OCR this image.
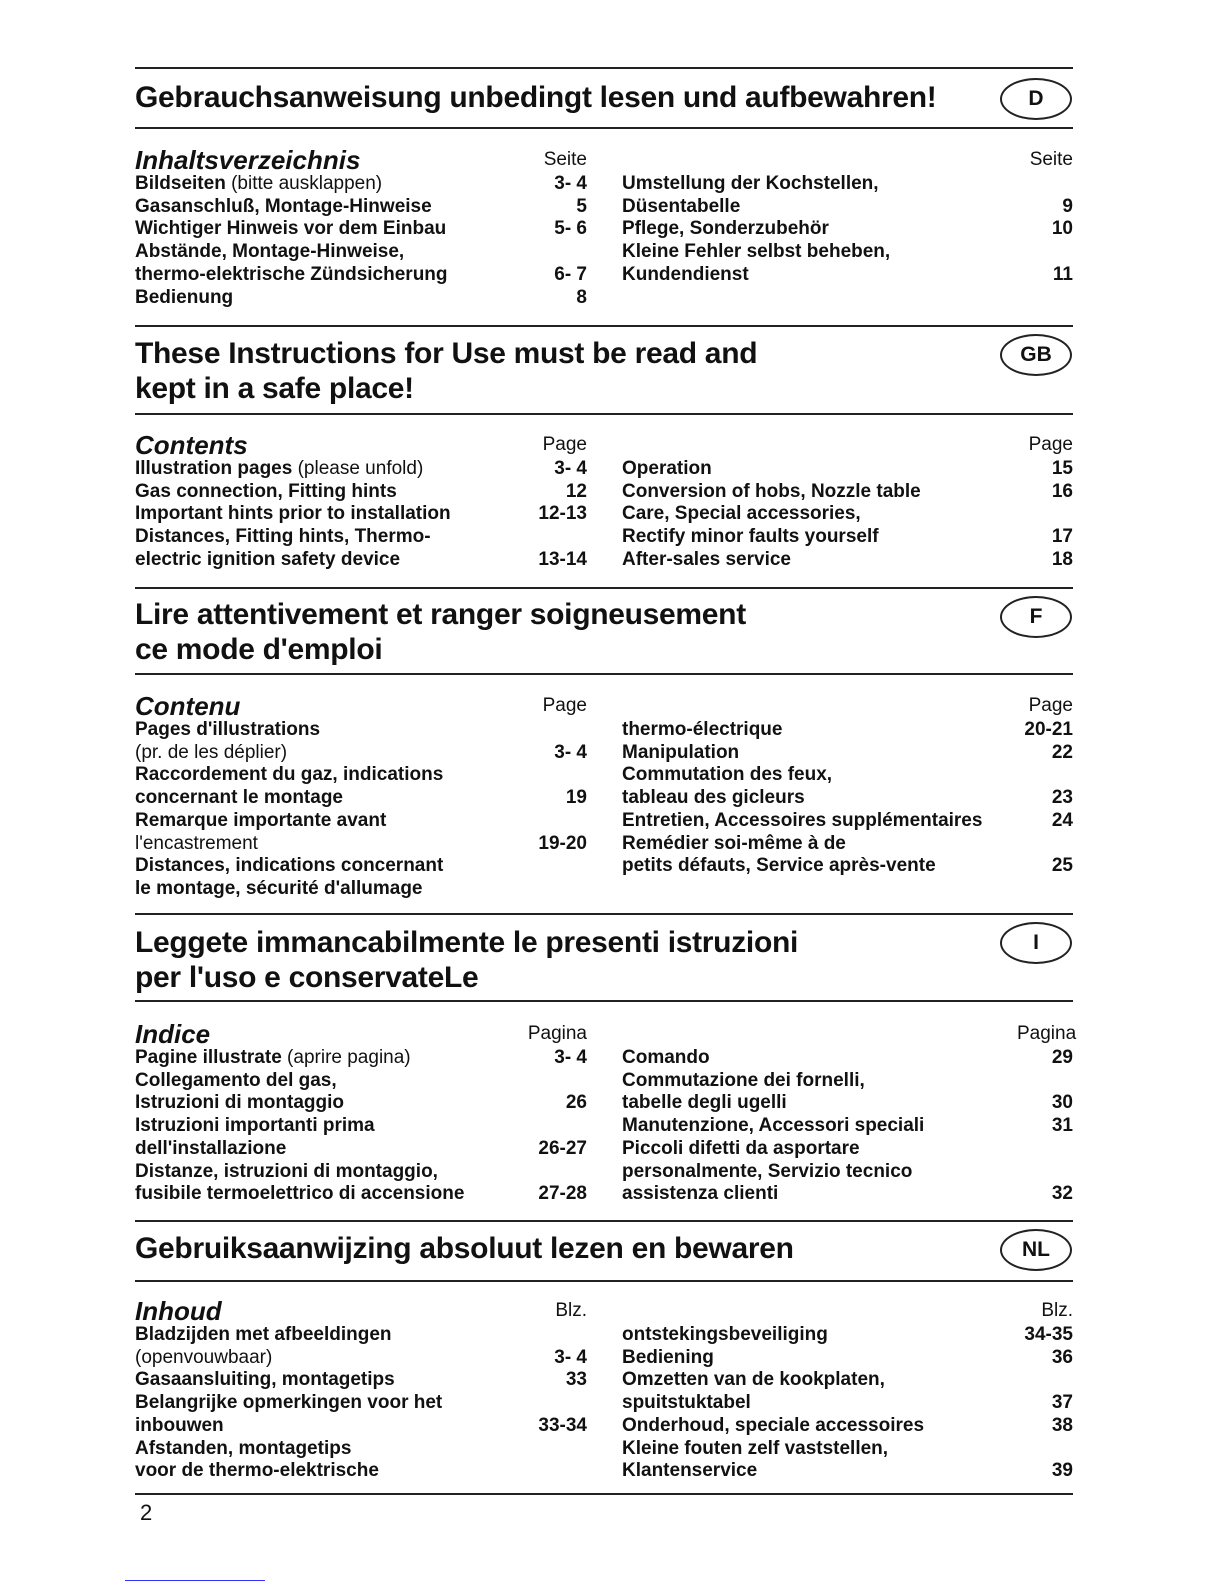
2
Gebrauchsanweisung unbedingt lesen und aufbewahren!	D
Inhaltsverzeichnis	Seite	Seite
Bildseiten (bitte ausklappen)	3- 4 Umstellung der Kochstellen,
Gasanschluß, Montage-Hinweise	5 Düsentabelle	9
Wichtiger Hinweis vor dem Einbau	5- 6 Pflege, Sonderzubehör	10
Abstände, Montage-Hinweise,	Kleine Fehler selbst beheben,
thermo-elektrische Zündsicherung	6- 7 Kundendienst	11
Bedienung	8
These Instructions for Use must be read and
kept in a safe place!
GB
Contents	Page	Page
Illustration pages (please unfold)	3- 4 Operation	15
Gas connection, Fitting hints	12 Conversion of hobs, Nozzle table	16
Important hints prior to installation	12-13 Care, Special accessories,
Distances, Fitting hints, Thermo-	Rectify minor faults yourself	17
electric ignition safety device	13-14 After-sales service	18
Lire attentivement et ranger soigneusement
ce mode d'emploi
F
Contenu	Page	Page
Pages d'illustrations	thermo-électrique	20-21
(pr. de les déplier)	3- 4 Manipulation	22
Raccordement du gaz, indications	Commutation des feux,
concernant le montage	19 tableau des gicleurs	23
Remarque importante avant	Entretien, Accessoires supplémentaires	24
l'encastrement	19-20 Remédier soi-même à de
Distances, indications concernant	petits défauts, Service après-vente	25
le montage, sécurité d'allumage
Leggete immancabilmente le presenti istruzioni
per l'uso e conservateLe
I
Indice	Pagina	Pagina
Pagine illustrate (aprire pagina)	3- 4 Comando	29
Collegamento del gas,	Commutazione dei fornelli,
Istruzioni di montaggio	26 tabelle degli ugelli	30
Istruzioni importanti prima	Manutenzione, Accessori speciali	31
dell'installazione	26-27 Piccoli difetti da asportare
Distanze, istruzioni di montaggio,	personalmente, Servizio tecnico
fusibile termoelettrico di accensione	27-28 assistenza clienti	32
Gebruiksaanwijzing absoluut lezen en bewaren	NL
Inhoud	Blz.	Blz.
Bladzijden met afbeeldingen	ontstekingsbeveiliging	34-35
(openvouwbaar)	3- 4 Bediening	36
Gasaansluiting, montagetips	33 Omzetten van de kookplaten,
Belangrijke opmerkingen voor het	spuitstuktabel	37
inbouwen	33-34 Onderhoud, speciale accessoires	38
Afstanden, montagetips	Kleine fouten zelf vaststellen,
voor de thermo-elektrische	Klantenservice	39
